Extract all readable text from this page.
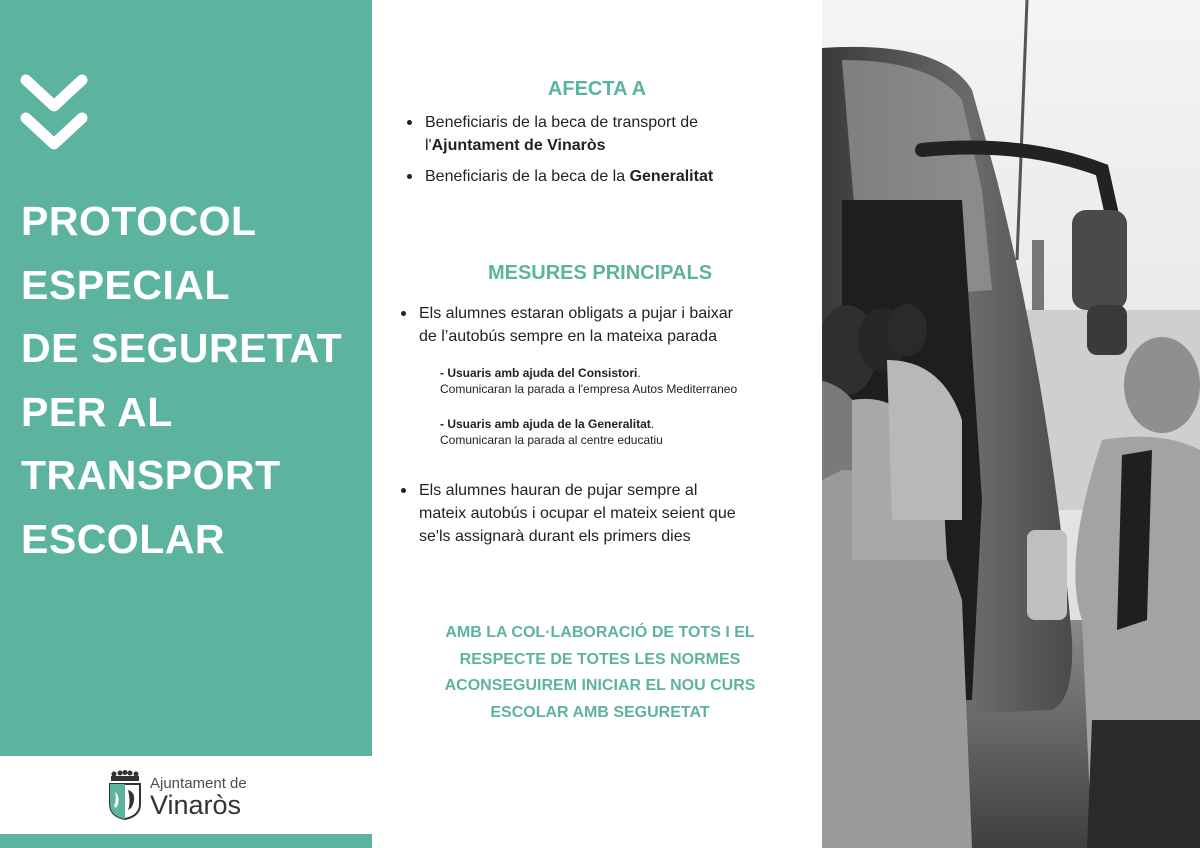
PROTOCOL
ESPECIAL
DE SEGURETAT
PER AL
TRANSPORT
ESCOLAR
Ajuntament de
Vinaròs
AFECTA A
Beneficiaris de la beca de transport de
l'Ajuntament de Vinaròs
Beneficiaris de la beca de la Generalitat
MESURES PRINCIPALS
Els alumnes estaran obligats a pujar i baixar
de l’autobús sempre en la mateixa parada
- Usuaris amb ajuda del Consistori.
Comunicaran la parada a l'empresa Autos Mediterraneo
- Usuaris amb ajuda de la Generalitat.
Comunicaran la parada al centre educatiu
Els alumnes hauran de pujar sempre al
mateix autobús i ocupar el mateix seient que
se'ls assignarà durant els primers dies
AMB LA COL·LABORACIÓ DE TOTS I EL
RESPECTE DE TOTES LES NORMES
ACONSEGUIREM INICIAR EL NOU CURS
ESCOLAR AMB SEGURETAT
